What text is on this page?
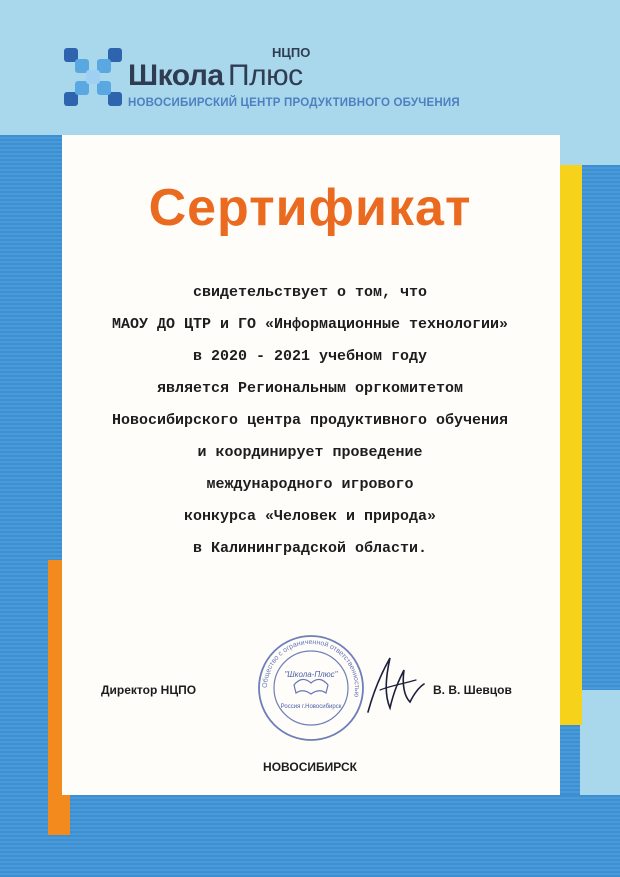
НЦПО
Школа Плюс
НОВОСИБИРСКИЙ ЦЕНТР ПРОДУКТИВНОГО ОБУЧЕНИЯ
Сертификат
свидетельствует о том, что
МАОУ ДО ЦТР и ГО «Информационные технологии»
в 2020 - 2021 учебном году
является Региональным оргкомитетом
Новосибирского центра продуктивного обучения
и координирует проведение
международного игрового
конкурса «Человек и природа»
в Калининградской области.
Директор НЦПО	В. В. Шевцов
Общество с ограниченной ответственностью
"Школа-Плюс"
Россия г.Новосибирск
НОВОСИБИРСК
